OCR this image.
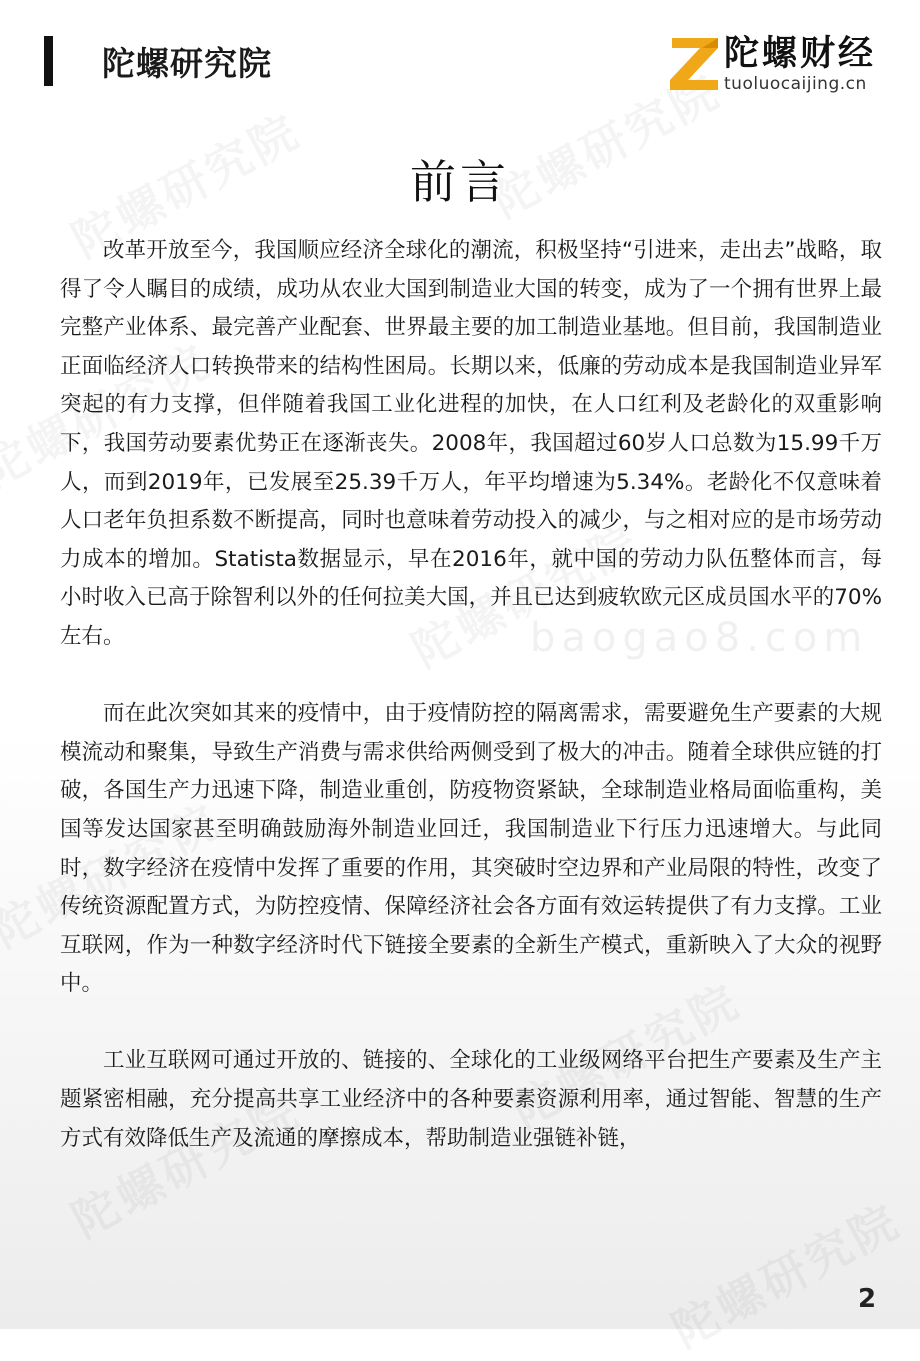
baogao8.com
陀螺研究院	陀螺财经
tuoluocaijing.cn
前言

改革开放至今，我国顺应经济全球化的潮流，积极坚持“引进来，走出去”战略，取得了令人瞩目的成绩，成功从农业大国到制造业大国的转变，成为了一个拥有世界上最完整产业体系、最完善产业配套、世界最主要的加工制造业基地。但目前，我国制造业正面临经济人口转换带来的结构性困局。长期以来，低廉的劳动成本是我国制造业异军突起的有力支撑，但伴随着我国工业化进程的加快，在人口红利及老龄化的双重影响下，我国劳动要素优势正在逐渐丧失。2008年，我国超过60岁人口总数为15.99千万人，而到2019年，已发展至25.39千万人，年平均增速为5.34%。老龄化不仅意味着人口老年负担系数不断提高，同时也意味着劳动投入的减少，与之相对应的是市场劳动力成本的增加。Statista数据显示，早在2016年，就中国的劳动力队伍整体而言，每小时收入已高于除智利以外的任何拉美大国，并且已达到疲软欧元区成员国水平的70%左右。

而在此次突如其来的疫情中，由于疫情防控的隔离需求，需要避免生产要素的大规模流动和聚集，导致生产消费与需求供给两侧受到了极大的冲击。随着全球供应链的打破，各国生产力迅速下降，制造业重创，防疫物资紧缺，全球制造业格局面临重构，美国等发达国家甚至明确鼓励海外制造业回迁，我国制造业下行压力迅速增大。与此同时，数字经济在疫情中发挥了重要的作用，其突破时空边界和产业局限的特性，改变了传统资源配置方式，为防控疫情、保障经济社会各方面有效运转提供了有力支撑。工业互联网，作为一种数字经济时代下链接全要素的全新生产模式，重新映入了大众的视野中。

工业互联网可通过开放的、链接的、全球化的工业级网络平台把生产要素及生产主题紧密相融，充分提高共享工业经济中的各种要素资源利用率，通过智能、智慧的生产方式有效降低生产及流通的摩擦成本，帮助制造业强链补链，

2
